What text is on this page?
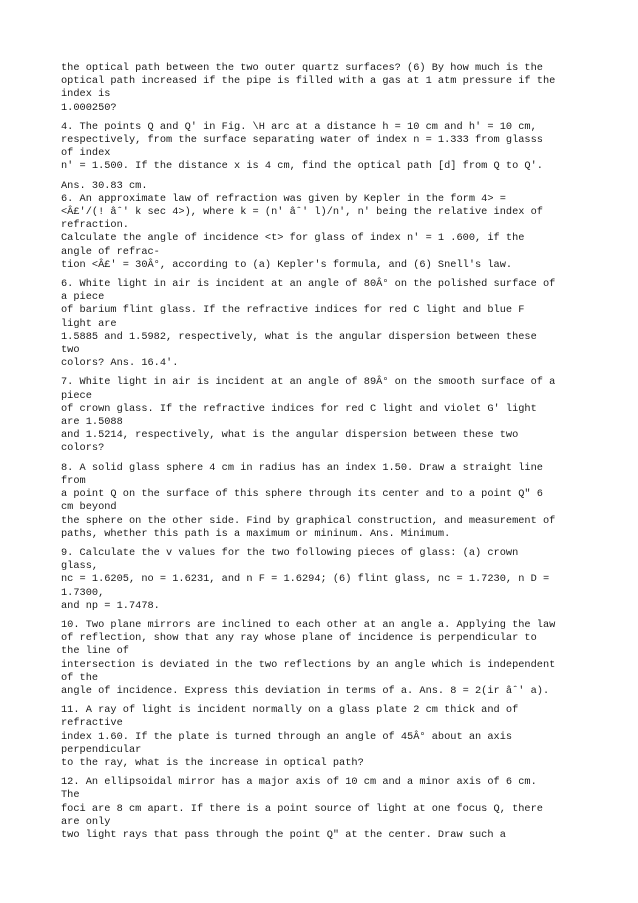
the optical path between the two outer quartz surfaces? (6) By how much is the
optical path increased if the pipe is filled with a gas at 1 atm pressure if the
index is
1.000250?
4. The points Q and Q' in Fig. \H arc at a distance h = 10 cm and h' = 10 cm,
respectively, from the surface separating water of index n = 1.333 from glasss
of index
n' = 1.500. If the distance x is 4 cm, find the optical path [d] from Q to Q'.
Ans. 30.83 cm.
6. An approximate law of refraction was given by Kepler in the form 4> =
<Â£'/(! âˆ' k sec 4>), where k = (n' âˆ' l)/n', n' being the relative index of
refraction.
Calculate the angle of incidence <t> for glass of index n' = 1 .600, if the
angle of refrac-
tion <Â£' = 30Â°, according to (a) Kepler's formula, and (6) Snell's law.
6. White light in air is incident at an angle of 80Â° on the polished surface of
a piece
of barium flint glass. If the refractive indices for red C light and blue F
light are
1.5885 and 1.5982, respectively, what is the angular dispersion between these
two
colors? Ans. 16.4'.
7. White light in air is incident at an angle of 89Â° on the smooth surface of a
piece
of crown glass. If the refractive indices for red C light and violet G' light
are 1.5088
and 1.5214, respectively, what is the angular dispersion between these two
colors?
8. A solid glass sphere 4 cm in radius has an index 1.50. Draw a straight line
from
a point Q on the surface of this sphere through its center and to a point Q" 6
cm beyond
the sphere on the other side. Find by graphical construction, and measurement of
paths, whether this path is a maximum or mininum. Ans. Minimum.
9. Calculate the v values for the two following pieces of glass: (a) crown
glass,
nc = 1.6205, no = 1.6231, and n F = 1.6294; (6) flint glass, nc = 1.7230, n D =
1.7300,
and np = 1.7478.
10. Two plane mirrors are inclined to each other at an angle a. Applying the law
of reflection, show that any ray whose plane of incidence is perpendicular to
the line of
intersection is deviated in the two reflections by an angle which is independent
of the
angle of incidence. Express this deviation in terms of a. Ans. 8 = 2(ir âˆ' a).
11. A ray of light is incident normally on a glass plate 2 cm thick and of
refractive
index 1.60. If the plate is turned through an angle of 45Â° about an axis
perpendicular
to the ray, what is the increase in optical path?
12. An ellipsoidal mirror has a major axis of 10 cm and a minor axis of 6 cm.
The
foci are 8 cm apart. If there is a point source of light at one focus Q, there
are only
two light rays that pass through the point Q" at the center. Draw such a
